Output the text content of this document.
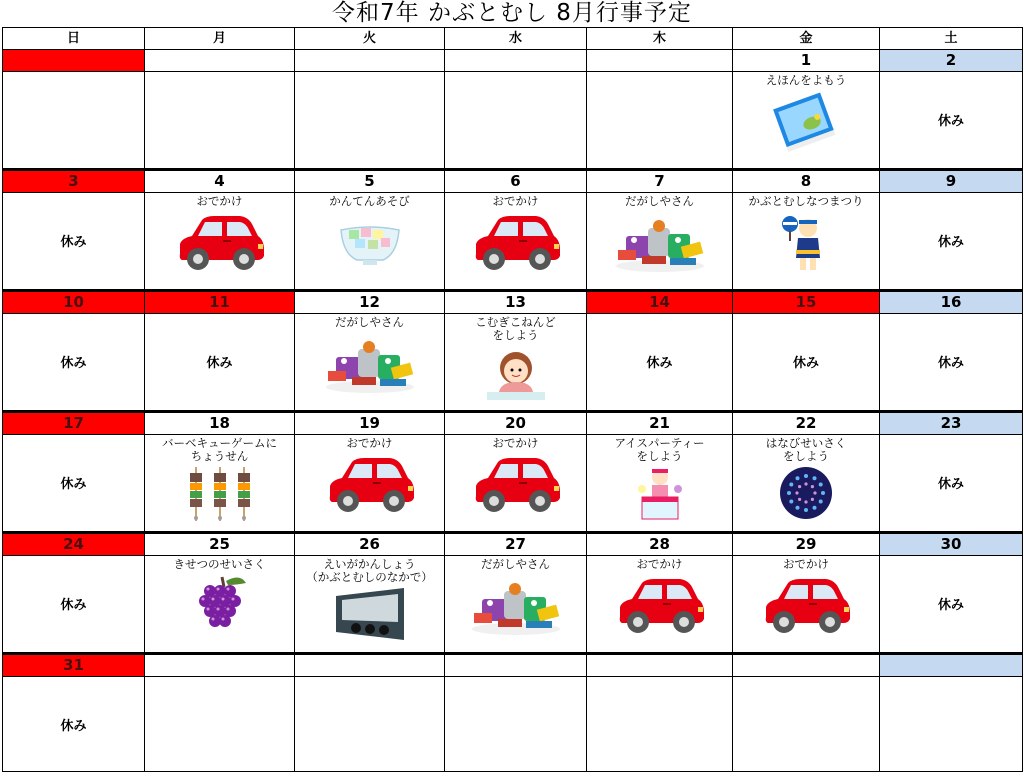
令和7年 かぶとむし 8月行事予定
日	月	火	水	木	金	土
					1	2

					えほんをよもう	休み

3	4	5	6	7	8	9

休み	おでかけ	かんてんあそび	おでかけ	だがしやさん	かぶとむしなつまつり	休み

10	11	12	13	14	15	16

休み	休み	だがしやさん	こむぎこねんど
をしよう	休み	休み	休み

17	18	19	20	21	22	23

休み	バーベキューゲームに
ちょうせん	おでかけ	おでかけ	アイスパーティー
をしよう	はなびせいさく
をしよう	休み

24	25	26	27	28	29	30

休み	きせつのせいさく	えいがかんしょう
（かぶとむしのなかで）	だがしやさん	おでかけ	おでかけ	休み

31						

休み						
